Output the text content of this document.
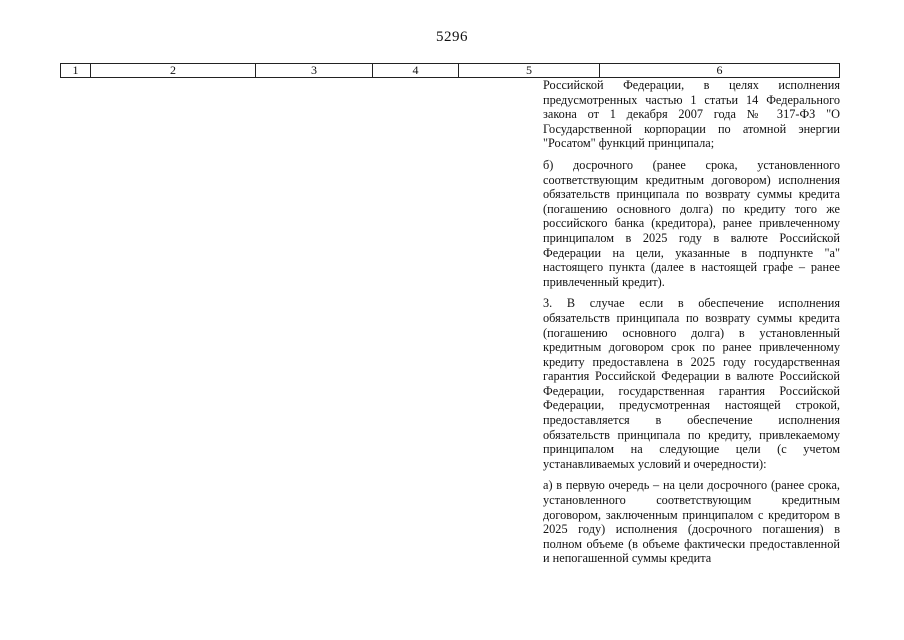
5296
1	2	3	4	5	6

Российской Федерации, в целях исполнения предусмотренных частью 1 статьи 14 Федерального закона от 1 декабря 2007 года № 317-ФЗ "О Государственной корпорации по атомной энергии "Росатом" функций принципала;

б) досрочного (ранее срока, установленного соответствующим кредитным договором) исполнения обязательств принципала по возврату суммы кредита (погашению основного долга) по кредиту того же российского банка (кредитора), ранее привлеченному принципалом в 2025 году в валюте Российской Федерации на цели, указанные в подпункте "а" настоящего пункта (далее в настоящей графе – ранее привлеченный кредит).

3. В случае если в обеспечение исполнения обязательств принципала по возврату суммы кредита (погашению основного долга) в установленный кредитным договором срок по ранее привлеченному кредиту предоставлена в 2025 году государственная гарантия Российской Федерации в валюте Российской Федерации, государственная гарантия Российской Федерации, предусмотренная настоящей строкой, предоставляется в обеспечение исполнения обязательств принципала по кредиту, привлекаемому принципалом на следующие цели (с учетом устанавливаемых условий и очередности):

а) в первую очередь – на цели досрочного (ранее срока, установленного соответствующим кредитным договором, заключенным принципалом с кредитором в 2025 году) исполнения (досрочного погашения) в полном объеме (в объеме фактически предоставленной и непогашенной суммы кредита
